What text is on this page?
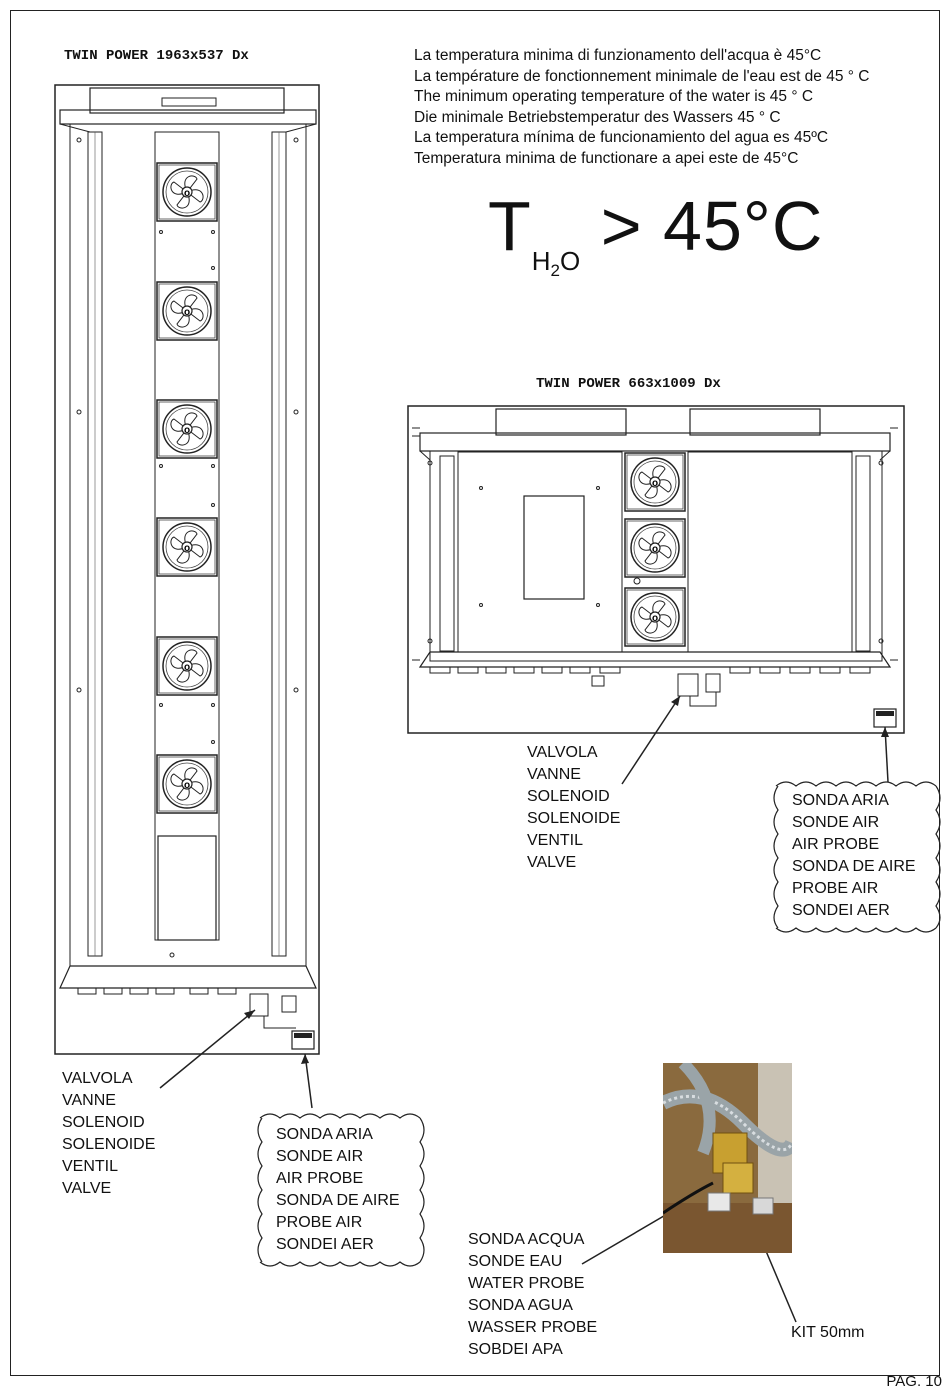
TWIN POWER 1963x537 Dx
TWIN POWER 663x1009 Dx
La temperatura minima di funzionamento dell'acqua è 45°C
La température de fonctionnement minimale de l'eau est de 45 ° C
The minimum operating temperature of the water is 45 ° C
Die minimale Betriebstemperatur des Wassers 45 ° C
La temperatura mínima de funcionamiento del agua es 45ºC
Temperatura minima de functionare a apei este de 45°C
$T_{H_2O} > 45^\circ C$
o
VALVOLA
VANNE
SOLENOID
SOLENOIDE
VENTIL
VALVE
VALVOLA
VANNE
SOLENOID
SOLENOIDE
VENTIL
VALVE
SONDA ARIA
SONDE AIR
AIR PROBE
SONDA DE AIRE
PROBE AIR
SONDEI AER
SONDA ARIA
SONDE AIR
AIR PROBE
SONDA DE AIRE
PROBE AIR
SONDEI AER
SONDA ACQUA
SONDE EAU
WATER PROBE
SONDA AGUA
WASSER PROBE
SOBDEI APA
KIT 50mm
PAG. 10
